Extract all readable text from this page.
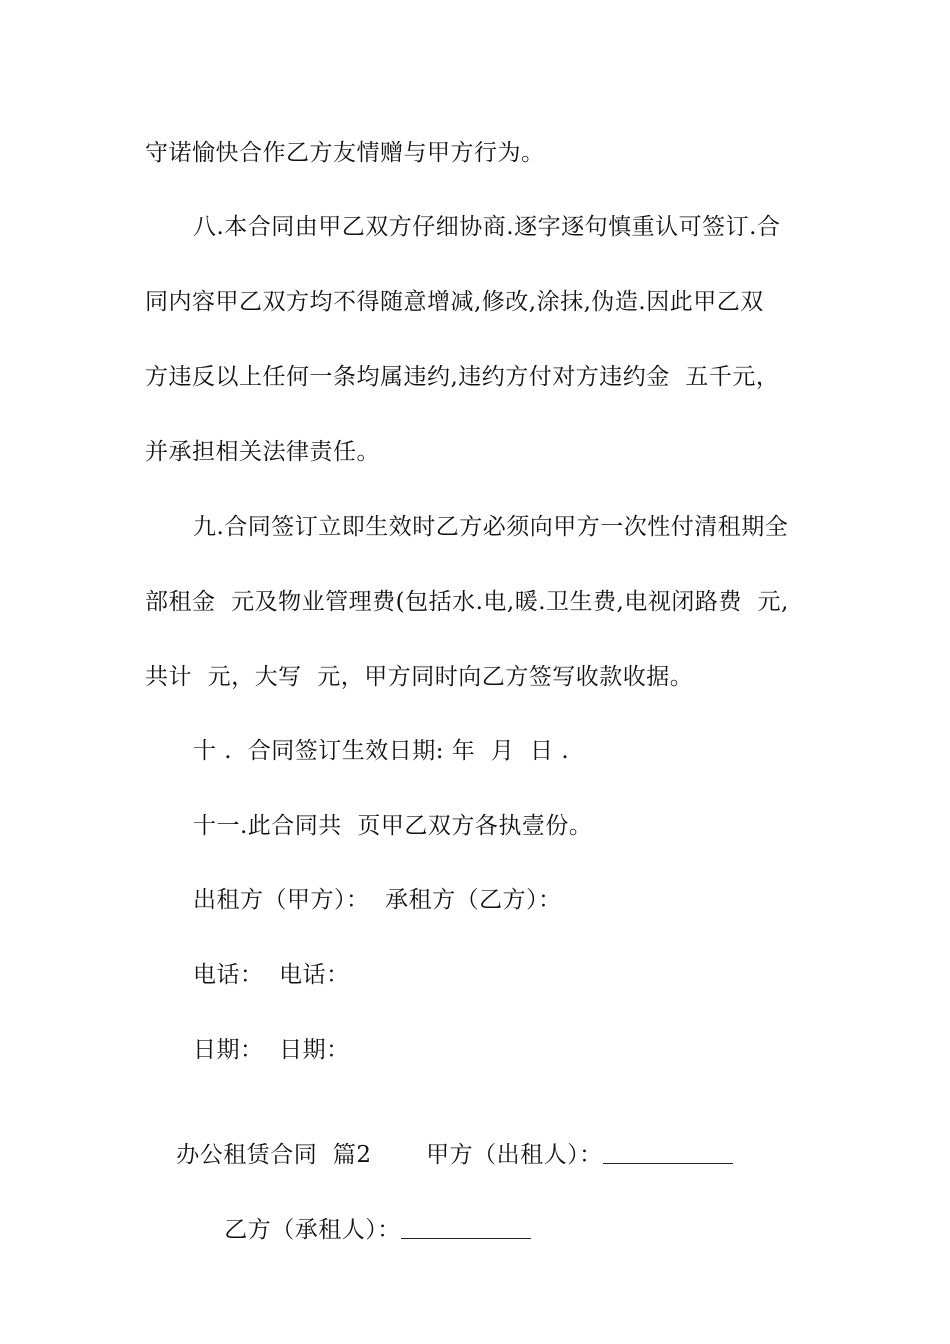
守诺愉快合作乙方友情赠与甲方行为。
八.本合同由甲乙双方仔细协商.逐字逐句慎重认可签订.合
同内容甲乙双方均不得随意增减,修改,涂抹,伪造.因此甲乙双
方违反以上任何一条均属违约,违约方付对方违约金  五千元，
并承担相关法律责任。
九.合同签订立即生效时乙方必须向甲方一次性付清租期全
部租金  元及物业管理费(包括水.电,暖.卫生费,电视闭路费  元,
共计  元，大写  元，甲方同时向乙方签写收款收据。
十 .  合同签订生效日期: 年  月  日 .
十一.此合同共  页甲乙双方各执壹份。
出租方（甲方）：  承租方（乙方）：
电话：  电话：
日期：  日期：

办公租赁合同  篇2       甲方（出租人）：

乙方（承租人）：
